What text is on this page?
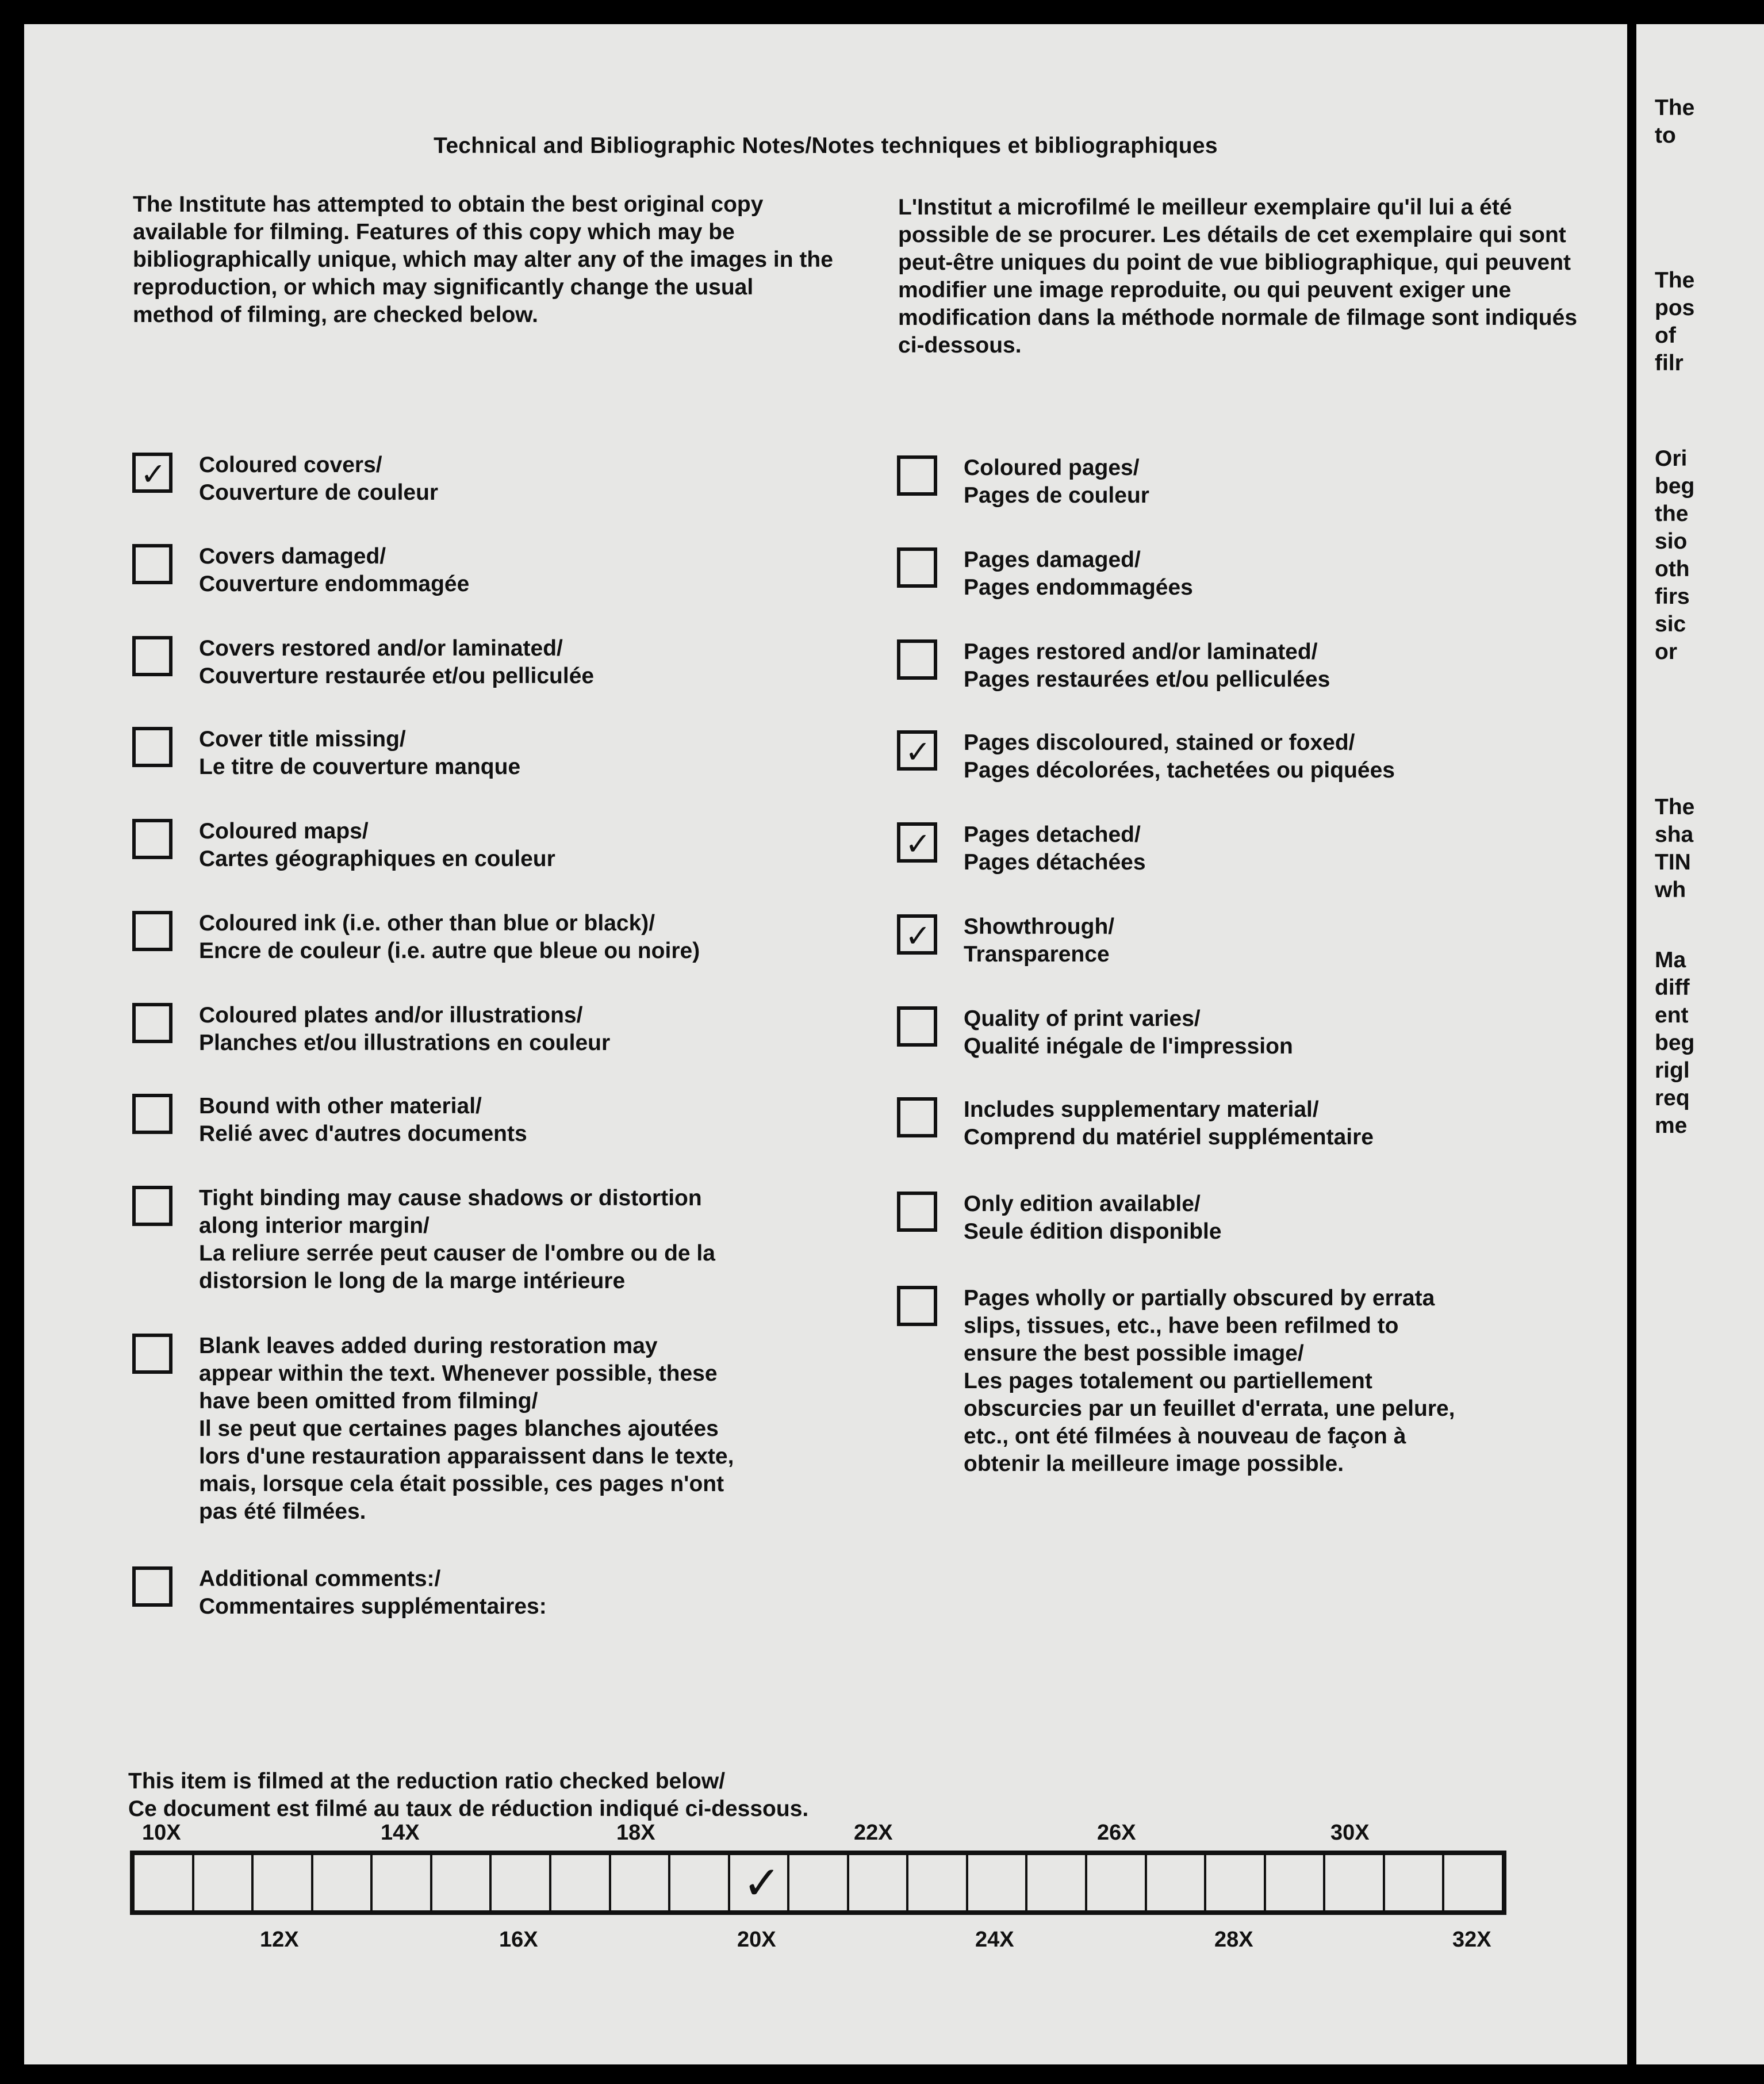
Technical and Bibliographic Notes/Notes techniques et bibliographiques
The Institute has attempted to obtain the best original copy available for filming. Features of this copy which may be bibliographically unique, which may alter any of the images in the reproduction, or which may significantly change the usual method of filming, are checked below.
L'Institut a microfilmé le meilleur exemplaire qu'il lui a été possible de se procurer. Les détails de cet exemplaire qui sont peut-être uniques du point de vue bibliographique, qui peuvent modifier une image reproduite, ou qui peuvent exiger une modification dans la méthode normale de filmage sont indiqués ci-dessous.
✓ Coloured covers/
Couverture de couleur
Covers damaged/
Couverture endommagée
Covers restored and/or laminated/
Couverture restaurée et/ou pelliculée
Cover title missing/
Le titre de couverture manque
Coloured maps/
Cartes géographiques en couleur
Coloured ink (i.e. other than blue or black)/
Encre de couleur (i.e. autre que bleue ou noire)
Coloured plates and/or illustrations/
Planches et/ou illustrations en couleur
Bound with other material/
Relié avec d'autres documents
Tight binding may cause shadows or distortion
along interior margin/
La reliure serrée peut causer de l'ombre ou de la
distorsion le long de la marge intérieure
Blank leaves added during restoration may
appear within the text. Whenever possible, these
have been omitted from filming/
Il se peut que certaines pages blanches ajoutées
lors d'une restauration apparaissent dans le texte,
mais, lorsque cela était possible, ces pages n'ont
pas été filmées.
Additional comments:/
Commentaires supplémentaires:
Coloured pages/
Pages de couleur
Pages damaged/
Pages endommagées
Pages restored and/or laminated/
Pages restaurées et/ou pelliculées
✓ Pages discoloured, stained or foxed/
Pages décolorées, tachetées ou piquées
✓ Pages detached/
Pages détachées
✓ Showthrough/
Transparence
Quality of print varies/
Qualité inégale de l'impression
Includes supplementary material/
Comprend du matériel supplémentaire
Only edition available/
Seule édition disponible
Pages wholly or partially obscured by errata
slips, tissues, etc., have been refilmed to
ensure the best possible image/
Les pages totalement ou partiellement
obscurcies par un feuillet d'errata, une pelure,
etc., ont été filmées à nouveau de façon à
obtenir la meilleure image possible.
This item is filmed at the reduction ratio checked below/
Ce document est filmé au taux de réduction indiqué ci-dessous.
10X	14X	18X	22X	26X	30X
✓
12X	16X	20X	24X	28X	32X
The
to
The
pos
of
filr
Ori
beg
the
sio
oth
firs
sic
or
The
sha
TIN
wh
Ma
diff
ent
beg
rigl
req
me
